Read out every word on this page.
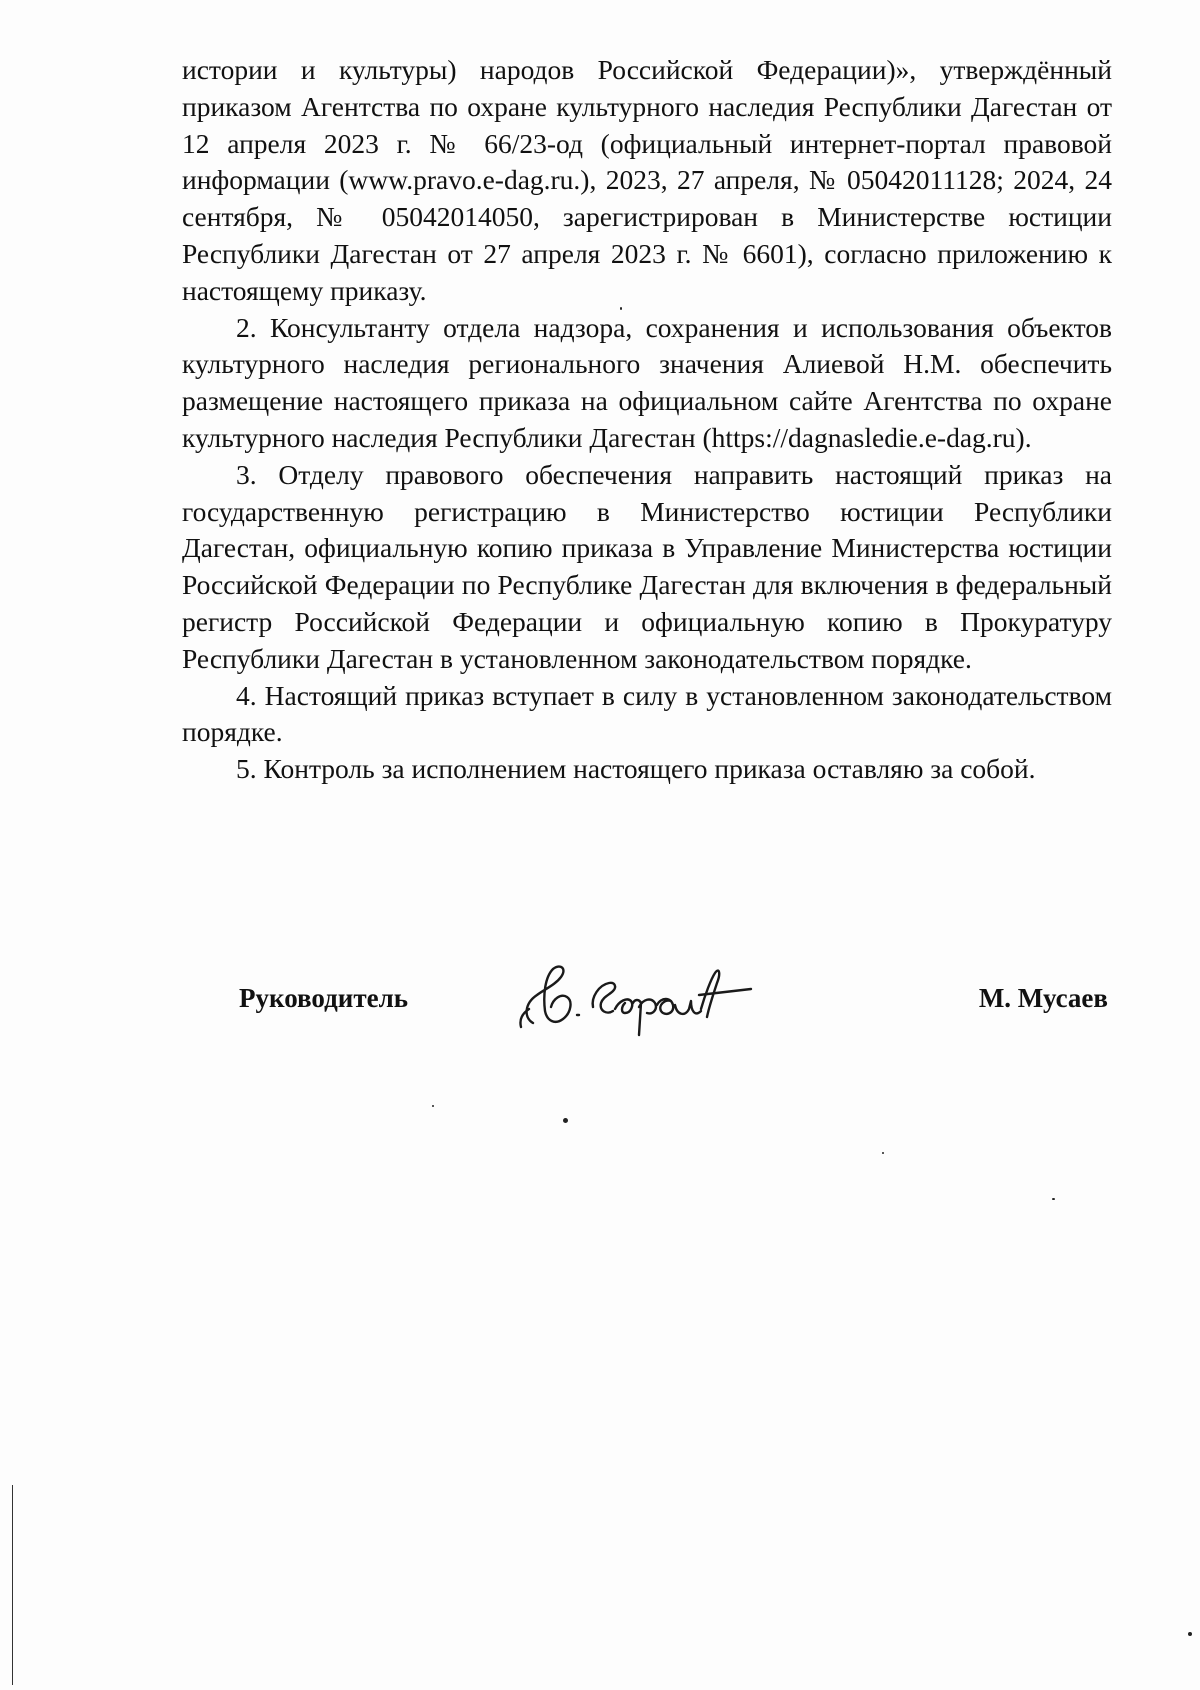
истории и культуры) народов Российской Федерации)», утверждённый приказом Агентства по охране культурного наследия Республики Дагестан от 12 апреля 2023 г. № 66/23-од (официальный интернет-портал правовой информации (www.pravo.e-dag.ru.), 2023, 27 апреля, № 05042011128; 2024, 24 сентября, № 05042014050, зарегистрирован в Министерстве юстиции Республики Дагестан от 27 апреля 2023 г. № 6601), согласно приложению к настоящему приказу.

2. Консультанту отдела надзора, сохранения и использования объектов культурного наследия регионального значения Алиевой Н.М. обеспечить размещение настоящего приказа на официальном сайте Агентства по охране культурного наследия Республики Дагестан (https://dagnasledie.e-dag.ru).

3. Отделу правового обеспечения направить настоящий приказ на государственную регистрацию в Министерство юстиции Республики Дагестан, официальную копию приказа в Управление Министерства юстиции Российской Федерации по Республике Дагестан для включения в федеральный регистр Российской Федерации и официальную копию в Прокуратуру Республики Дагестан в установленном законодательством порядке.

4. Настоящий приказ вступает в силу в установленном законодательством порядке.

5. Контроль за исполнением настоящего приказа оставляю за собой.

Руководитель	М. Мусаев
